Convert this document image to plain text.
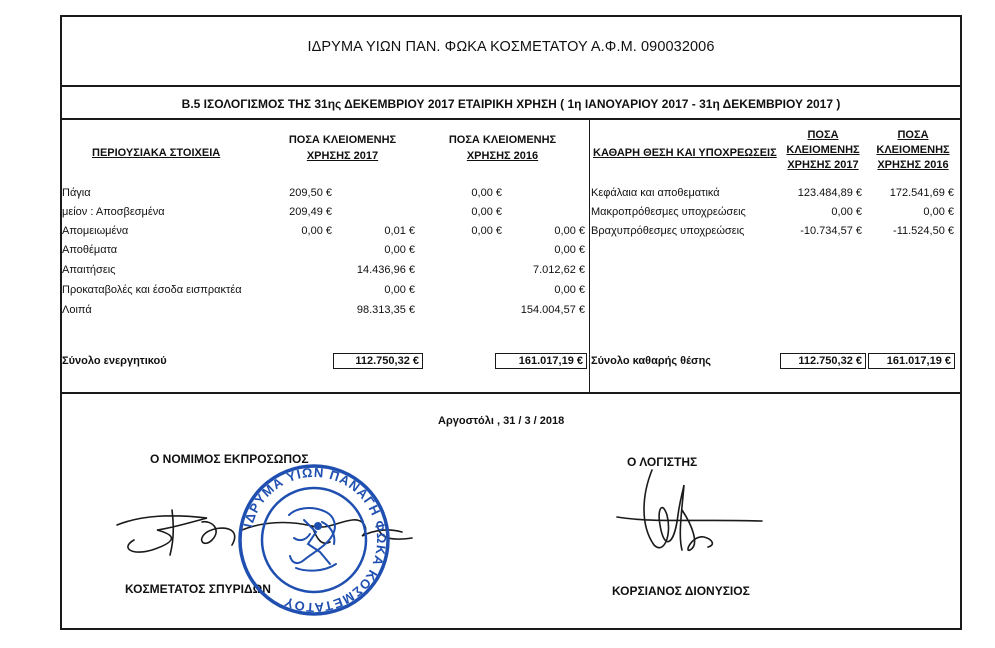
ΙΔΡΥΜΑ ΥΙΩΝ ΠΑΝ. ΦΩΚΑ ΚΟΣΜΕΤΑΤΟΥ Α.Φ.Μ. 090032006
Β.5 ΙΣΟΛΟΓΙΣΜΟΣ ΤΗΣ 31ης ΔΕΚΕΜΒΡΙΟΥ 2017 ΕΤΑΙΡΙΚΗ ΧΡΗΣΗ ( 1η ΙΑΝΟΥΑΡΙΟΥ 2017 - 31η ΔΕΚΕΜΒΡΙΟΥ 2017 )
ΠΕΡΙΟΥΣΙΑΚΑ ΣΤΟΙΧΕΙΑ
ΠΟΣΑ ΚΛΕΙΟΜΕΝΗΣ
ΧΡΗΣΗΣ 2017
ΠΟΣΑ ΚΛΕΙΟΜΕΝΗΣ
ΧΡΗΣΗΣ 2016
Πάγια	209,50 €	0,00 €
μείον : Αποσβεσμένα	209,49 €	0,00 €
Απομειωμένα	0,00 €	0,01 €	0,00 €	0,00 €
Αποθέματα	0,00 €	0,00 €
Απαιτήσεις	14.436,96 €	7.012,62 €
Προκαταβολές και έσοδα εισπρακτέα	0,00 €	0,00 €
Λοιπά	98.313,35 €	154.004,57 €
Σύνολο ενεργητικού	112.750,32 €	161.017,19 €
ΚΑΘΑΡΗ ΘΕΣΗ ΚΑΙ ΥΠΟΧΡΕΩΣΕΙΣ
ΠΟΣΑ
ΚΛΕΙΟΜΕΝΗΣ
ΧΡΗΣΗΣ 2017
ΠΟΣΑ
ΚΛΕΙΟΜΕΝΗΣ
ΧΡΗΣΗΣ 2016
Κεφάλαια και αποθεματικά	123.484,89 €	172.541,69 €
Μακροπρόθεσμες υποχρεώσεις	0,00 €	0,00 €
Βραχυπρόθεσμες υποχρεώσεις	-10.734,57 €	-11.524,50 €
Σύνολο καθαρής θέσης	112.750,32 €	161.017,19 €
Αργοστόλι , 31 / 3 / 2018
Ο ΝΟΜΙΜΟΣ ΕΚΠΡΟΣΩΠΟΣ	Ο ΛΟΓΙΣΤΗΣ
ΚΟΣΜΕΤΑΤΟΣ ΣΠΥΡΙΔΩΝ	ΚΟΡΣΙΑΝΟΣ ΔΙΟΝΥΣΙΟΣ
ΙΔΡΥΜΑ ΥΙΩΝ ΠΑΝΑΓΗ ΦΩΚΑ ΚΟΣΜΕΤΑΤΟΥ
